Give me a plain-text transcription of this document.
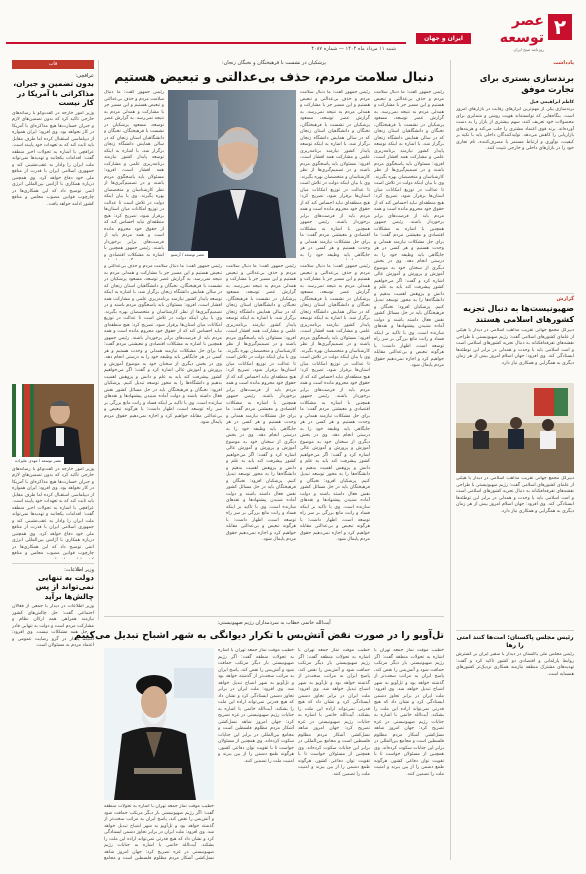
۲
عصر توسعه
روزنامه صبح ایران
ایران و جهان
شنبه ۱۱ مرداد ماه ۱۴۰۴ — شماره ۴۰۸۷
یادداشت
برندسازی بستری برای تجارت موفق
کاظم ابراهیمی فیل
برندسازی یکی از مهم‌ترین ابزارهای رقابت در بازارهای امروز است. بنگاه‌هایی که توانسته‌اند هویت روشن و متمایزی برای محصولات خود تعریف کنند، سهم بیشتری از بازار را به دست آورده‌اند. برند قوی اعتماد مشتری را جلب می‌کند و هزینه‌های بازاریابی را کاهش می‌دهد. تولیدکنندگان داخلی باید با تکیه بر کیفیت، نوآوری و ارتباط مستمر با مصرف‌کننده، نام تجاری خود را در بازارهای داخلی و خارجی تثبیت کنند.
گزارش
صهیونیست‌ها به دنبال تجزیه کشورهای اسلامی هستند
دبیرکل مجمع جهانی تقریب مذاهب اسلامی در دیدار با هیئتی از علمای کشورهای اسلامی گفت: رژیم صهیونیستی با طراحی نقشه‌های تفرقه‌افکنانه به دنبال تجزیه کشورهای اسلامی است و امت اسلامی باید با وحدت و همدلی در برابر این توطئه‌ها ایستادگی کند. وی افزود: جهان اسلام امروز بیش از هر زمان دیگری به همگرایی و همکاری نیاز دارد.
دبیرکل مجمع جهانی تقریب مذاهب اسلامی در دیدار با هیئتی از علمای کشورهای اسلامی گفت: رژیم صهیونیستی با طراحی نقشه‌های تفرقه‌افکنانه به دنبال تجزیه کشورهای اسلامی است و امت اسلامی باید با وحدت و همدلی در برابر این توطئه‌ها ایستادگی کند. وی افزود: جهان اسلام امروز بیش از هر زمان دیگری به همگرایی و همکاری نیاز دارد.
رئیس مجلس پاکستان: امت‌ها کنند امتی را رها
رئیس مجلس ملی پاکستان در دیدار با سفیر ایران بر گسترش روابط پارلمانی و اقتصادی دو کشور تاکید کرد و گفت: تهدیدهای مشترک منطقه نیازمند همکاری نزدیک‌تر کشورهای همسایه است.
پزشکیان در نشست با فرهیختگان و نخبگان زنجان:
دنبال سلامت مردم، حذف بی‌عدالتی و تبعیض هستیم
رئیس جمهور گفت: ما دنبال سلامت مردم و حذف بی‌عدالتی و تبعیض هستیم و این مسیر جز با مشارکت و همدلی مردم به نتیجه نمی‌رسد. به گزارش عصر توسعه، مسعود پزشکیان در نشست با فرهیختگان، نخبگان و دانشگاهیان استان زنجان که در سالن همایش دانشگاه زنجان برگزار شد، با اشاره به اینکه توسعه پایدار کشور نیازمند برنامه‌ریزی علمی و مشارکت همه اقشار است، افزود: مسئولان باید پاسخگوی مردم باشند و در تصمیم‌گیری‌ها از نظر کارشناسان و متخصصان بهره بگیرند. وی با بیان اینکه دولت در تلاش است تا عدالت در توزیع امکانات میان استان‌ها برقرار شود، تصریح کرد: هیچ منطقه‌ای نباید احساس کند که از حقوق خود محروم مانده است و همه مردم باید از فرصت‌های برابر برخوردار باشند. رئیس جمهور همچنین با اشاره به مشکلات اقتصادی و معیشتی مردم گفت: ما برای حل مشکلات نیازمند همدلی و وحدت هستیم و هر کسی در هر جایگاهی باید وظیفه خود را به درستی انجام دهد. وی در بخش دیگری از سخنان خود به موضوع آموزش و پرورش و آموزش عالی اشاره کرد و گفت: اگر می‌خواهیم کشور پیشرفت کند باید به علم و دانش و پژوهش اهمیت بدهیم و دانشگاه‌ها را به محور توسعه تبدیل کنیم. پزشکیان افزود: نخبگان و فرهیختگان باید در حل مسائل کشور نقش فعال داشته باشند و دولت آماده شنیدن پیشنهادها و نقدهای سازنده است. وی با تاکید بر اینکه فساد و رانت مانع بزرگی بر سر راه توسعه است، اظهار داشت: با هرگونه تبعیض و بی‌عدالتی مقابله خواهیم کرد و اجازه نمی‌دهیم حقوق مردم پایمال شود.
رئیس جمهور گفت: ما دنبال سلامت مردم و حذف بی‌عدالتی و تبعیض هستیم و این مسیر جز با مشارکت و همدلی مردم به نتیجه نمی‌رسد. به گزارش عصر توسعه، مسعود پزشکیان در نشست با فرهیختگان، نخبگان و دانشگاهیان استان زنجان که در سالن همایش دانشگاه زنجان برگزار شد، با اشاره به اینکه توسعه پایدار کشور نیازمند برنامه‌ریزی علمی و مشارکت همه اقشار است، افزود: مسئولان باید پاسخگوی مردم باشند و در تصمیم‌گیری‌ها از نظر کارشناسان و متخصصان بهره بگیرند. وی با بیان اینکه دولت در تلاش است تا عدالت در توزیع امکانات میان استان‌ها برقرار شود، تصریح کرد: هیچ منطقه‌ای نباید احساس کند که از حقوق خود محروم مانده است و همه مردم باید از فرصت‌های برابر برخوردار باشند. رئیس جمهور همچنین با اشاره به مشکلات اقتصادی و معیشتی مردم گفت: ما برای حل مشکلات نیازمند همدلی و وحدت هستیم و هر کسی در هر جایگاهی باید وظیفه خود را به
رئیس جمهور گفت: ما دنبال سلامت مردم و حذف بی‌عدالتی و تبعیض هستیم و این مسیر جز با مشارکت و همدلی مردم به نتیجه نمی‌رسد. به گزارش عصر توسعه، مسعود پزشکیان در نشست با فرهیختگان، نخبگان و دانشگاهیان استان زنجان که در سالن همایش دانشگاه زنجان برگزار شد، با اشاره به اینکه توسعه پایدار کشور نیازمند برنامه‌ریزی علمی و مشارکت همه اقشار است، افزود: مسئولان باید پاسخگوی مردم باشند و در تصمیم‌گیری‌ها از نظر کارشناسان و متخصصان بهره بگیرند. وی با بیان اینکه دولت در تلاش است تا عدالت در توزیع امکانات میان استان‌ها برقرار شود، تصریح کرد: هیچ منطقه‌ای نباید احساس کند که از حقوق خود محروم مانده است و همه مردم باید از فرصت‌های برابر برخوردار باشند. رئیس جمهور همچنین با اشاره به مشکلات اقتصادی و	عصر توسعه / آرشیو
رئیس جمهور گفت: ما دنبال سلامت مردم و حذف بی‌عدالتی و تبعیض هستیم و این مسیر جز با مشارکت و همدلی مردم به نتیجه نمی‌رسد. به گزارش عصر توسعه، مسعود پزشکیان در نشست با فرهیختگان، نخبگان و دانشگاهیان استان زنجان که در سالن همایش دانشگاه زنجان برگزار شد، با اشاره به اینکه توسعه پایدار کشور نیازمند برنامه‌ریزی علمی و مشارکت همه اقشار است، افزود: مسئولان باید پاسخگوی مردم باشند و در تصمیم‌گیری‌ها از نظر کارشناسان و متخصصان بهره بگیرند. وی با بیان اینکه دولت در تلاش است تا عدالت در توزیع امکانات میان استان‌ها برقرار شود، تصریح کرد: هیچ منطقه‌ای نباید احساس کند که از حقوق خود محروم مانده است و همه مردم باید از فرصت‌های برابر برخوردار باشند. رئیس جمهور همچنین با اشاره به مشکلات اقتصادی و معیشتی مردم گفت: ما برای حل مشکلات نیازمند همدلی و وحدت هستیم و هر کسی در هر جایگاهی باید وظیفه خود را به درستی انجام دهد. وی در بخش دیگری از سخنان خود به موضوع آموزش و پرورش و آموزش عالی اشاره کرد و گفت: اگر می‌خواهیم کشور پیشرفت کند باید به علم و دانش و پژوهش اهمیت بدهیم و دانشگاه‌ها را به محور توسعه تبدیل کنیم. پزشکیان افزود: نخبگان و فرهیختگان باید در حل مسائل کشور نقش فعال داشته باشند و دولت آماده شنیدن پیشنهادها و نقدهای سازنده است. وی با تاکید بر اینکه فساد و رانت مانع بزرگی بر سر راه توسعه است، اظهار داشت: با هرگونه تبعیض و بی‌عدالتی مقابله خواهیم کرد و اجازه نمی‌دهیم حقوق مردم پایمال شود.
رئیس جمهور گفت: ما دنبال سلامت مردم و حذف بی‌عدالتی و تبعیض هستیم و این مسیر جز با مشارکت و همدلی مردم به نتیجه نمی‌رسد. به گزارش عصر توسعه، مسعود پزشکیان در نشست با فرهیختگان، نخبگان و دانشگاهیان استان زنجان که در سالن همایش دانشگاه زنجان برگزار شد، با اشاره به اینکه توسعه پایدار کشور نیازمند برنامه‌ریزی علمی و مشارکت همه اقشار است، افزود: مسئولان باید پاسخگوی مردم باشند و در تصمیم‌گیری‌ها از نظر کارشناسان و متخصصان بهره بگیرند. وی با بیان اینکه دولت در تلاش است تا عدالت در توزیع امکانات میان استان‌ها برقرار شود، تصریح کرد: هیچ منطقه‌ای نباید احساس کند که از حقوق خود محروم مانده است و همه مردم باید از فرصت‌های برابر برخوردار باشند. رئیس جمهور همچنین با اشاره به مشکلات اقتصادی و معیشتی مردم گفت: ما برای حل مشکلات نیازمند همدلی و وحدت هستیم و هر کسی در هر جایگاهی باید وظیفه خود را به درستی انجام دهد. وی در بخش دیگری از سخنان خود به موضوع آموزش و پرورش و آموزش عالی اشاره کرد و گفت: اگر می‌خواهیم کشور پیشرفت کند باید به علم و دانش و پژوهش اهمیت بدهیم و دانشگاه‌ها را به محور توسعه تبدیل کنیم. پزشکیان افزود: نخبگان و فرهیختگان باید در حل مسائل کشور نقش فعال داشته باشند و دولت آماده شنیدن پیشنهادها و نقدهای سازنده است. وی با تاکید بر اینکه فساد و رانت مانع بزرگی بر سر راه توسعه است، اظهار داشت: با هرگونه تبعیض و بی‌عدالتی مقابله خواهیم کرد و اجازه نمی‌دهیم حقوق مردم پایمال شود.
رئیس جمهور گفت: ما دنبال سلامت مردم و حذف بی‌عدالتی و تبعیض هستیم و این مسیر جز با مشارکت و همدلی مردم به نتیجه نمی‌رسد. به گزارش عصر توسعه، مسعود پزشکیان در نشست با فرهیختگان، نخبگان و دانشگاهیان استان زنجان که در سالن همایش دانشگاه زنجان برگزار شد، با اشاره به اینکه توسعه پایدار کشور نیازمند برنامه‌ریزی علمی و مشارکت همه اقشار است، افزود: مسئولان باید پاسخگوی مردم باشند و در تصمیم‌گیری‌ها از نظر کارشناسان و متخصصان بهره بگیرند. وی با بیان اینکه دولت در تلاش است تا عدالت در توزیع امکانات میان استان‌ها برقرار شود، تصریح کرد: هیچ منطقه‌ای نباید احساس کند که از حقوق خود محروم مانده است و همه مردم باید از فرصت‌های برابر برخوردار باشند. رئیس جمهور همچنین با اشاره به مشکلات اقتصادی و معیشتی مردم گفت: ما برای حل مشکلات نیازمند همدلی و وحدت هستیم و هر کسی در هر جایگاهی باید وظیفه خود را به درستی انجام دهد. وی در بخش دیگری از سخنان خود به موضوع آموزش و پرورش و آموزش عالی اشاره کرد و گفت: اگر می‌خواهیم کشور پیشرفت کند باید به علم و دانش و پژوهش اهمیت بدهیم و دانشگاه‌ها را به محور توسعه تبدیل کنیم. پزشکیان افزود: نخبگان و فرهیختگان باید در حل مسائل کشور نقش فعال داشته باشند و دولت آماده شنیدن پیشنهادها و نقدهای سازنده است. وی با تاکید بر اینکه فساد و رانت مانع بزرگی بر سر راه توسعه است، اظهار داشت: با هرگونه تبعیض و بی‌عدالتی مقابله خواهیم کرد و اجازه نمی‌دهیم حقوق مردم پایمال شود.
قاب
عراقچی:
بدون تضمین و جبران، مذاکراتی با آمریکا در کار نیست
وزیر امور خارجه در گفت‌وگو با رسانه‌های خارجی تاکید کرد که بدون تضمین‌های لازم و جبران خسارت‌ها هیچ مذاکره‌ای با آمریکا در کار نخواهد بود. وی افزود: ایران همواره از دیپلماسی استقبال کرده اما طرف مقابل باید ثابت کند که به تعهدات خود پایبند است. عراقچی با اشاره به تحولات اخیر منطقه گفت: اقدامات یکجانبه و تهدیدها نمی‌تواند ملت ایران را وادار به عقب‌نشینی کند و جمهوری اسلامی ایران با قدرت از منافع ملی خود دفاع خواهد کرد. وی همچنین درباره همکاری با آژانس بین‌المللی انرژی اتمی توضیح داد که این همکاری‌ها در چارچوب قوانین مصوب مجلس و منافع کشور ادامه خواهد یافت.
عصر توسعه / مهدی علیزاده
وزیر امور خارجه در گفت‌وگو با رسانه‌های خارجی تاکید کرد که بدون تضمین‌های لازم و جبران خسارت‌ها هیچ مذاکره‌ای با آمریکا در کار نخواهد بود. وی افزود: ایران همواره از دیپلماسی استقبال کرده اما طرف مقابل باید ثابت کند که به تعهدات خود پایبند است. عراقچی با اشاره به تحولات اخیر منطقه گفت: اقدامات یکجانبه و تهدیدها نمی‌تواند ملت ایران را وادار به عقب‌نشینی کند و جمهوری اسلامی ایران با قدرت از منافع ملی خود دفاع خواهد کرد. وی همچنین درباره همکاری با آژانس بین‌المللی انرژی اتمی توضیح داد که این همکاری‌ها در چارچوب قوانین مصوب مجلس و منافع
وزیر اطلاعات:
دولت به تنهایی نمی‌تواند از پس چالش‌ها برآید
وزیر اطلاعات در دیدار با جمعی از فعالان اجتماعی گفت: حل چالش‌های کشور نیازمند همراهی همه ارکان نظام و مشارکت مردم است و دولت به تنهایی قادر به حل همه مشکلات نیست. وی افزود: امنیت پایدار در گرو رضایت عمومی و اعتماد مردم به مسئولان است.
آیت‌الله خاتمی خطاب به سردمداران رژیم صهیونیستی:
تل‌آویو را در صورت نقض آتش‌بس با تکرار دیوانگی به شهر اشباح تبدیل می‌کنیم
خطیب موقت نماز جمعه تهران با اشاره به تحولات منطقه گفت: اگر رژیم صهیونیستی بار دیگر مرتکب حماقت شود و آتش‌بس را نقض کند، پاسخ ایران به مراتب سخت‌تر از گذشته خواهد بود و تل‌آویو به شهر اشباح تبدیل خواهد شد. وی افزود: ملت ایران در برابر تجاوز دشمن ایستادگی کرد و نشان داد که هیچ قدرتی نمی‌تواند اراده این ملت را بشکند. آیت‌الله خاتمی با اشاره به جنایات رژیم صهیونیستی در غزه تصریح کرد: جهان امروز شاهد نسل‌کشی آشکار مردم مظلوم فلسطین است و مجامع بین‌المللی در برابر این جنایات سکوت کرده‌اند. وی همچنین از مسئولان خواست تا با تقویت توان دفاعی کشور، هرگونه طمع دشمن را از بین ببرند و امنیت ملت را تضمین کنند.
خطیب موقت نماز جمعه تهران با اشاره به تحولات منطقه گفت: اگر رژیم صهیونیستی بار دیگر مرتکب حماقت شود و آتش‌بس را نقض کند، پاسخ ایران به مراتب سخت‌تر از گذشته خواهد بود و تل‌آویو به شهر اشباح تبدیل خواهد شد. وی افزود: ملت ایران در برابر تجاوز دشمن ایستادگی کرد و نشان داد که هیچ قدرتی نمی‌تواند اراده این ملت را بشکند. آیت‌الله خاتمی با اشاره به جنایات رژیم صهیونیستی در غزه تصریح کرد: جهان امروز شاهد نسل‌کشی آشکار مردم مظلوم فلسطین است و مجامع بین‌المللی در برابر این جنایات سکوت کرده‌اند. وی همچنین از مسئولان خواست تا با تقویت توان دفاعی کشور، هرگونه طمع دشمن را از بین ببرند و امنیت ملت را تضمین کنند.
خطیب موقت نماز جمعه تهران با اشاره به تحولات منطقه گفت: اگر رژیم صهیونیستی بار دیگر مرتکب حماقت شود و آتش‌بس را نقض کند، پاسخ ایران به مراتب سخت‌تر از گذشته خواهد بود و تل‌آویو به شهر اشباح تبدیل خواهد شد. وی افزود: ملت ایران در برابر تجاوز دشمن ایستادگی کرد و نشان داد که هیچ قدرتی نمی‌تواند اراده این ملت را بشکند. آیت‌الله خاتمی با اشاره به جنایات رژیم صهیونیستی در غزه تصریح کرد: جهان امروز شاهد نسل‌کشی آشکار مردم مظلوم فلسطین است و مجامع بین‌المللی در برابر این جنایات سکوت کرده‌اند. وی همچنین از مسئولان خواست تا با تقویت توان دفاعی کشور، هرگونه طمع دشمن را از بین ببرند و امنیت ملت را تضمین کنند.
خطیب موقت نماز جمعه تهران با اشاره به تحولات منطقه گفت: اگر رژیم صهیونیستی بار دیگر مرتکب حماقت شود و آتش‌بس را نقض کند، پاسخ ایران به مراتب سخت‌تر از گذشته خواهد بود و تل‌آویو به شهر اشباح تبدیل خواهد شد. وی افزود: ملت ایران در برابر تجاوز دشمن ایستادگی کرد و نشان داد که هیچ قدرتی نمی‌تواند اراده این ملت را بشکند. آیت‌الله خاتمی با اشاره به جنایات رژیم صهیونیستی در غزه تصریح کرد: جهان امروز شاهد نسل‌کشی آشکار مردم مظلوم فلسطین است و مجامع
